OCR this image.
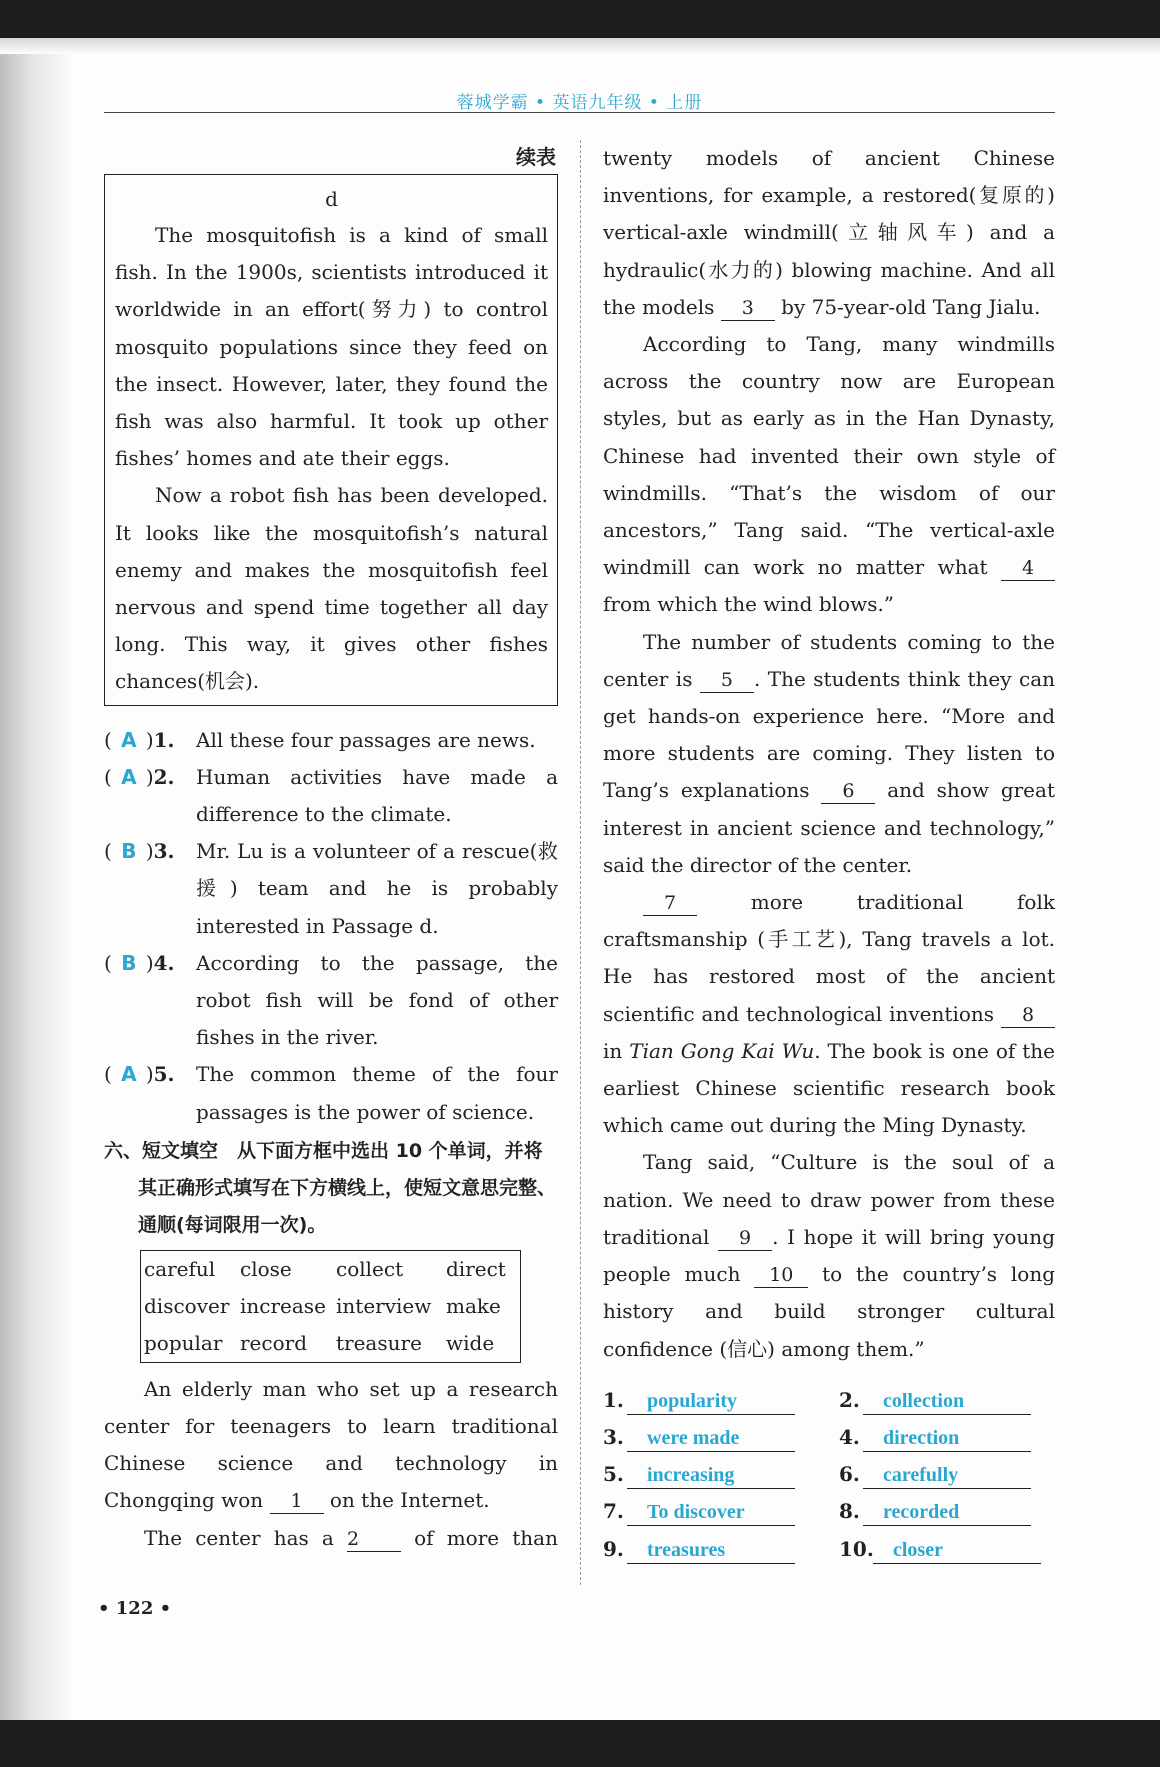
蓉城学霸 • 英语九年级 • 上册
续表
d

The mosquitofish is a kind of small fish. In the 1900s, scientists introduced it worldwide in an effort(努力) to control mosquito populations since they feed on the insect. However, later, they found the fish was also harmful. It took up other fishes’ homes and ate their eggs.

Now a robot fish has been developed. It looks like the mosquitofish’s natural enemy and makes the mosquitofish feel nervous and spend time together all day long. This way, it gives other fishes chances(机会).

( A )1.	All these four passages are news.
( A )2.	Human activities have made a difference to the climate.
( B )3.	Mr. Lu is a volunteer of a rescue(救援) team and he is probably interested in Passage d.
( B )4.	According to the passage, the robot fish will be fond of other fishes in the river.
( A )5.	The common theme of the four passages is the power of science.
六、短文填空　从下面方框中选出 10 个单词，并将其正确形式填写在下方横线上，使短文意思完整、通顺(每词限用一次)。
careful	close	collect	direct
discover increase interview make
popular record	treasure	wide

An elderly man who set up a research center for teenagers to learn traditional Chinese science and technology in Chongqing won 1 on the Internet.

The center has a 2 of more than

twenty models of ancient Chinese inventions, for example, a restored(复原的) vertical-axle windmill(立轴风车) and a hydraulic(水力的) blowing machine. And all the models 3 by 75-year-old Tang Jialu.

According to Tang, many windmills across the country now are European styles, but as early as in the Han Dynasty, Chinese had invented their own style of windmills. “That’s the wisdom of our ancestors,” Tang said. “The vertical-axle windmill can work no matter what 4 from which the wind blows.”

The number of students coming to the center is 5 . The students think they can get hands-on experience here. “More and more students are coming. They listen to Tang’s explanations 6 and show great interest in ancient science and technology,” said the director of the center.

7 more traditional folk craftsmanship (手工艺), Tang travels a lot. He has restored most of the ancient scientific and technological inventions 8 in Tian Gong Kai Wu. The book is one of the earliest Chinese scientific research book which came out during the Ming Dynasty.

Tang said, “Culture is the soul of a nation. We need to draw power from these traditional 9 . I hope it will bring young people much 10 to the country’s long history and build stronger cultural confidence (信心) among them.”

1.	popularity	2.	collection
3.	were made	4.	direction
5.	increasing	6.	carefully
7.	To discover	8.	recorded
9.	treasures	10. closer
• 122 •
